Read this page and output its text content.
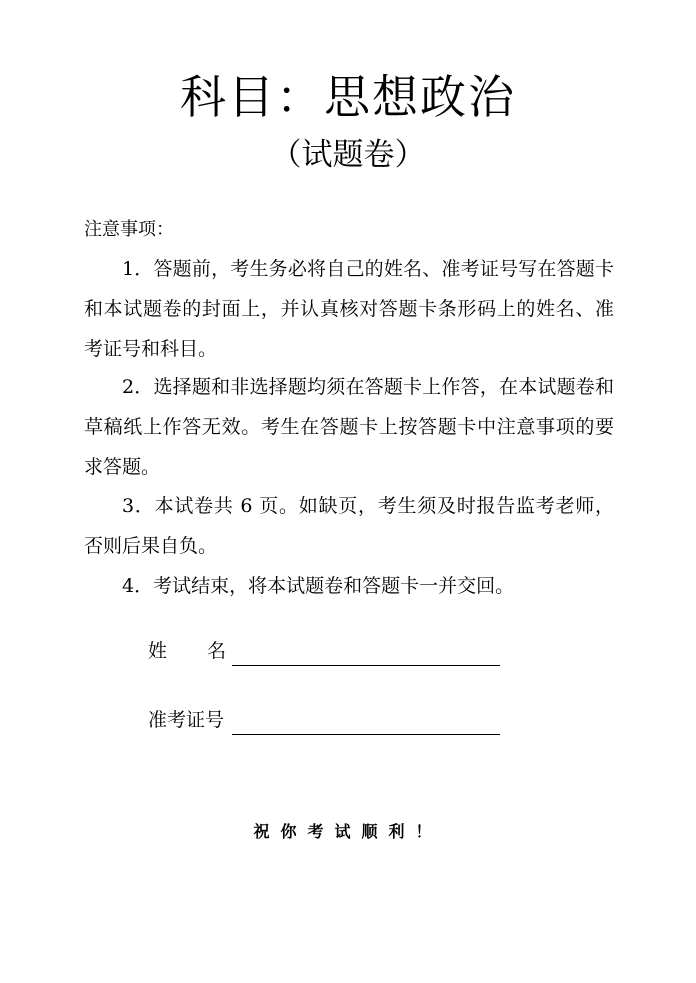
科目：思想政治
（试题卷）
注意事项：
1．答题前，考生务必将自己的姓名、准考证号写在答题卡和本试题卷的封面上，并认真核对答题卡条形码上的姓名、准考证号和科目。
2．选择题和非选择题均须在答题卡上作答，在本试题卷和草稿纸上作答无效。考生在答题卡上按答题卡中注意事项的要求答题。
3．本试卷共 6 页。如缺页，考生须及时报告监考老师，否则后果自负。
4．考试结束，将本试题卷和答题卡一并交回。
姓 名
准考证号
祝你考试顺利！
